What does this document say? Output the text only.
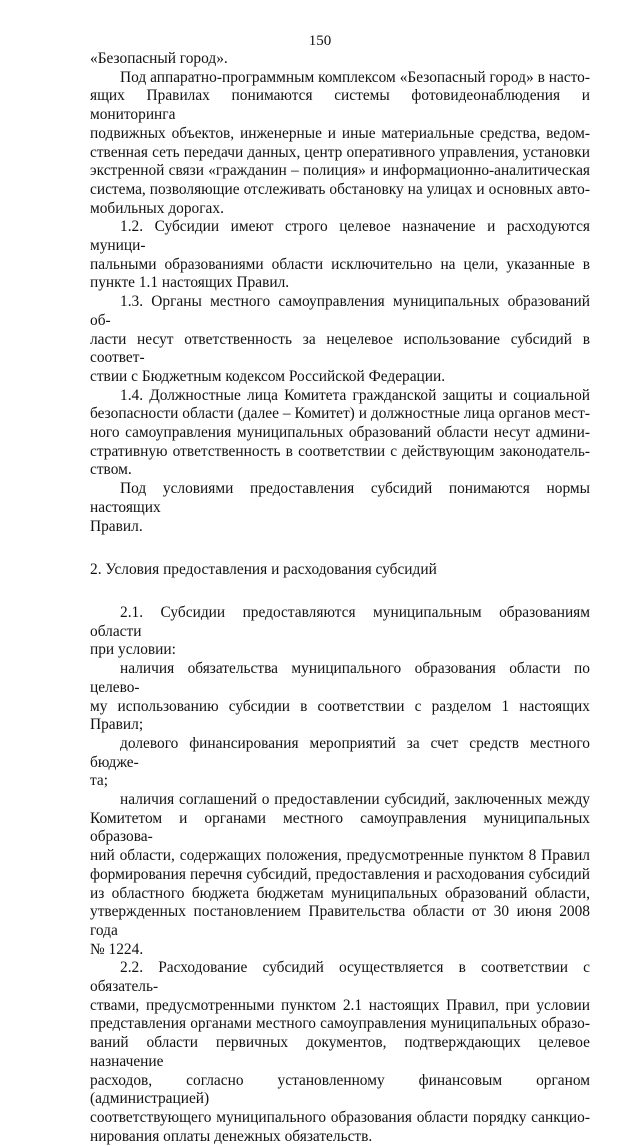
150

«Безопасный город».

Под аппаратно-программным комплексом «Безопасный город» в насто-
ящих Правилах понимаются системы фотовидеонаблюдения и мониторинга
подвижных объектов, инженерные и иные материальные средства, ведом-
ственная сеть передачи данных, центр оперативного управления, установки
экстренной связи «гражданин – полиция» и информационно-аналитическая
система, позволяющие отслеживать обстановку на улицах и основных авто-
мобильных дорогах.

1.2. Субсидии имеют строго целевое назначение и расходуются муници-
пальными образованиями области исключительно на цели, указанные в
пункте 1.1 настоящих Правил.

1.3. Органы местного самоуправления муниципальных образований об-
ласти несут ответственность за нецелевое использование субсидий в соответ-
ствии с Бюджетным кодексом Российской Федерации.

1.4. Должностные лица Комитета гражданской защиты и социальной
безопасности области (далее – Комитет) и должностные лица органов мест-
ного самоуправления муниципальных образований области несут админи-
стративную ответственность в соответствии с действующим законодатель-
ством.

Под условиями предоставления субсидий понимаются нормы настоящих
Правил.

2. Условия предоставления и расходования субсидий

2.1. Субсидии предоставляются муниципальным образованиям области
при условии:

наличия обязательства муниципального образования области по целево-
му использованию субсидии в соответствии с разделом 1 настоящих Правил;

долевого финансирования мероприятий за счет средств местного бюдже-
та;

наличия соглашений о предоставлении субсидий, заключенных между
Комитетом и органами местного самоуправления муниципальных образова-
ний области, содержащих положения, предусмотренные пунктом 8 Правил
формирования перечня субсидий, предоставления и расходования субсидий
из областного бюджета бюджетам муниципальных образований области,
утвержденных постановлением Правительства области от 30 июня 2008 года
№ 1224.

2.2. Расходование субсидий осуществляется в соответствии с обязатель-
ствами, предусмотренными пунктом 2.1 настоящих Правил, при условии
представления органами местного самоуправления муниципальных образо-
ваний области первичных документов, подтверждающих целевое назначение
расходов, согласно установленному финансовым органом (администрацией)
соответствующего муниципального образования области порядку санкцио-
нирования оплаты денежных обязательств.
